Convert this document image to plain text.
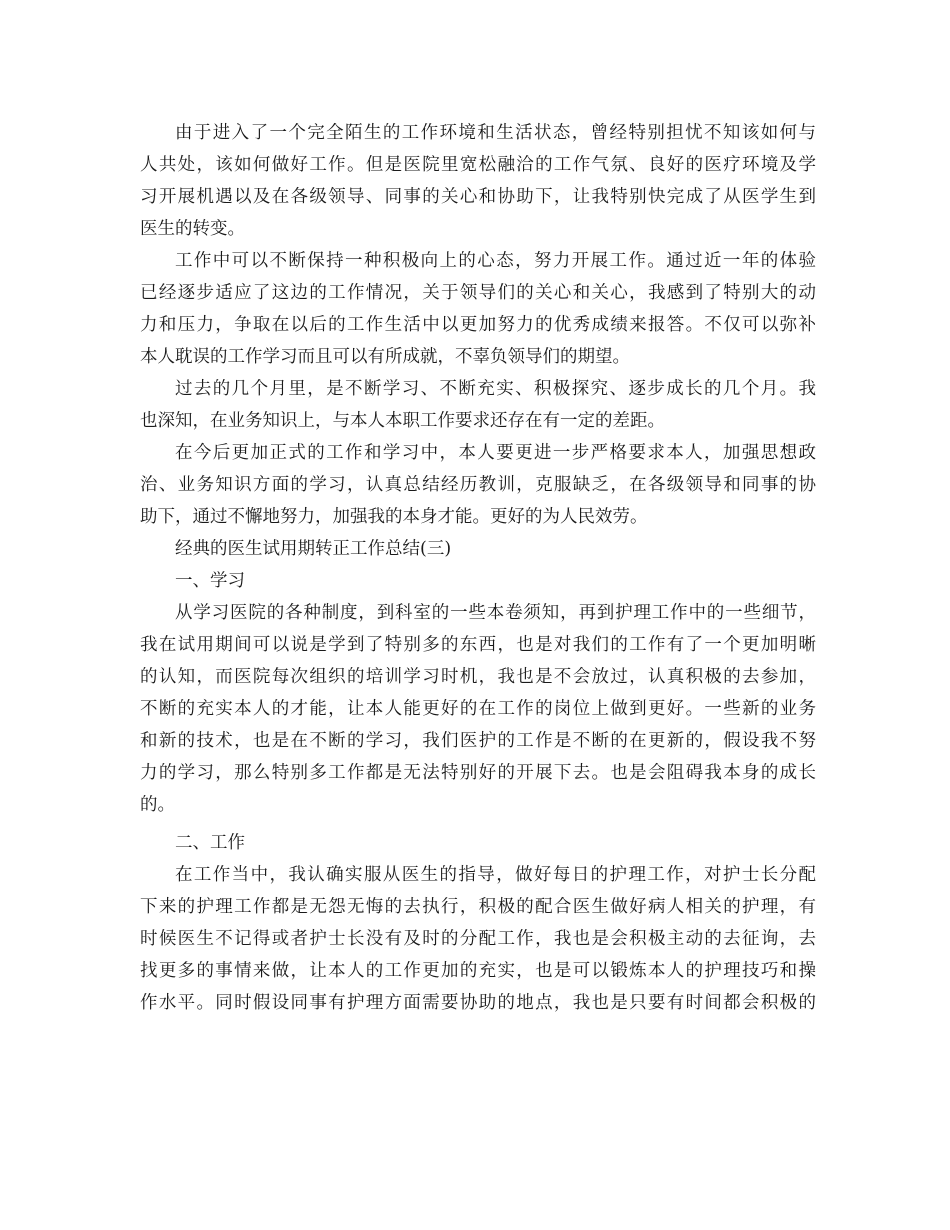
由于进入了一个完全陌生的工作环境和生活状态，曾经特别担忧不知该如何与
人共处，该如何做好工作。但是医院里宽松融洽的工作气氛、良好的医疗环境及学
习开展机遇以及在各级领导、同事的关心和协助下，让我特别快完成了从医学生到
医生的转变。
工作中可以不断保持一种积极向上的心态，努力开展工作。通过近一年的体验
已经逐步适应了这边的工作情况，关于领导们的关心和关心，我感到了特别大的动
力和压力，争取在以后的工作生活中以更加努力的优秀成绩来报答。不仅可以弥补
本人耽误的工作学习而且可以有所成就，不辜负领导们的期望。
过去的几个月里，是不断学习、不断充实、积极探究、逐步成长的几个月。我
也深知，在业务知识上，与本人本职工作要求还存在有一定的差距。
在今后更加正式的工作和学习中，本人要更进一步严格要求本人，加强思想政
治、业务知识方面的学习，认真总结经历教训，克服缺乏，在各级领导和同事的协
助下，通过不懈地努力，加强我的本身才能。更好的为人民效劳。
经典的医生试用期转正工作总结(三)
一、学习
从学习医院的各种制度，到科室的一些本卷须知，再到护理工作中的一些细节，
我在试用期间可以说是学到了特别多的东西，也是对我们的工作有了一个更加明晰
的认知，而医院每次组织的培训学习时机，我也是不会放过，认真积极的去参加，
不断的充实本人的才能，让本人能更好的在工作的岗位上做到更好。一些新的业务
和新的技术，也是在不断的学习，我们医护的工作是不断的在更新的，假设我不努
力的学习，那么特别多工作都是无法特别好的开展下去。也是会阻碍我本身的成长
的。
二、工作
在工作当中，我认确实服从医生的指导，做好每日的护理工作，对护士长分配
下来的护理工作都是无怨无悔的去执行，积极的配合医生做好病人相关的护理，有
时候医生不记得或者护士长没有及时的分配工作，我也是会积极主动的去征询，去
找更多的事情来做，让本人的工作更加的充实，也是可以锻炼本人的护理技巧和操
作水平。同时假设同事有护理方面需要协助的地点，我也是只要有时间都会积极的
